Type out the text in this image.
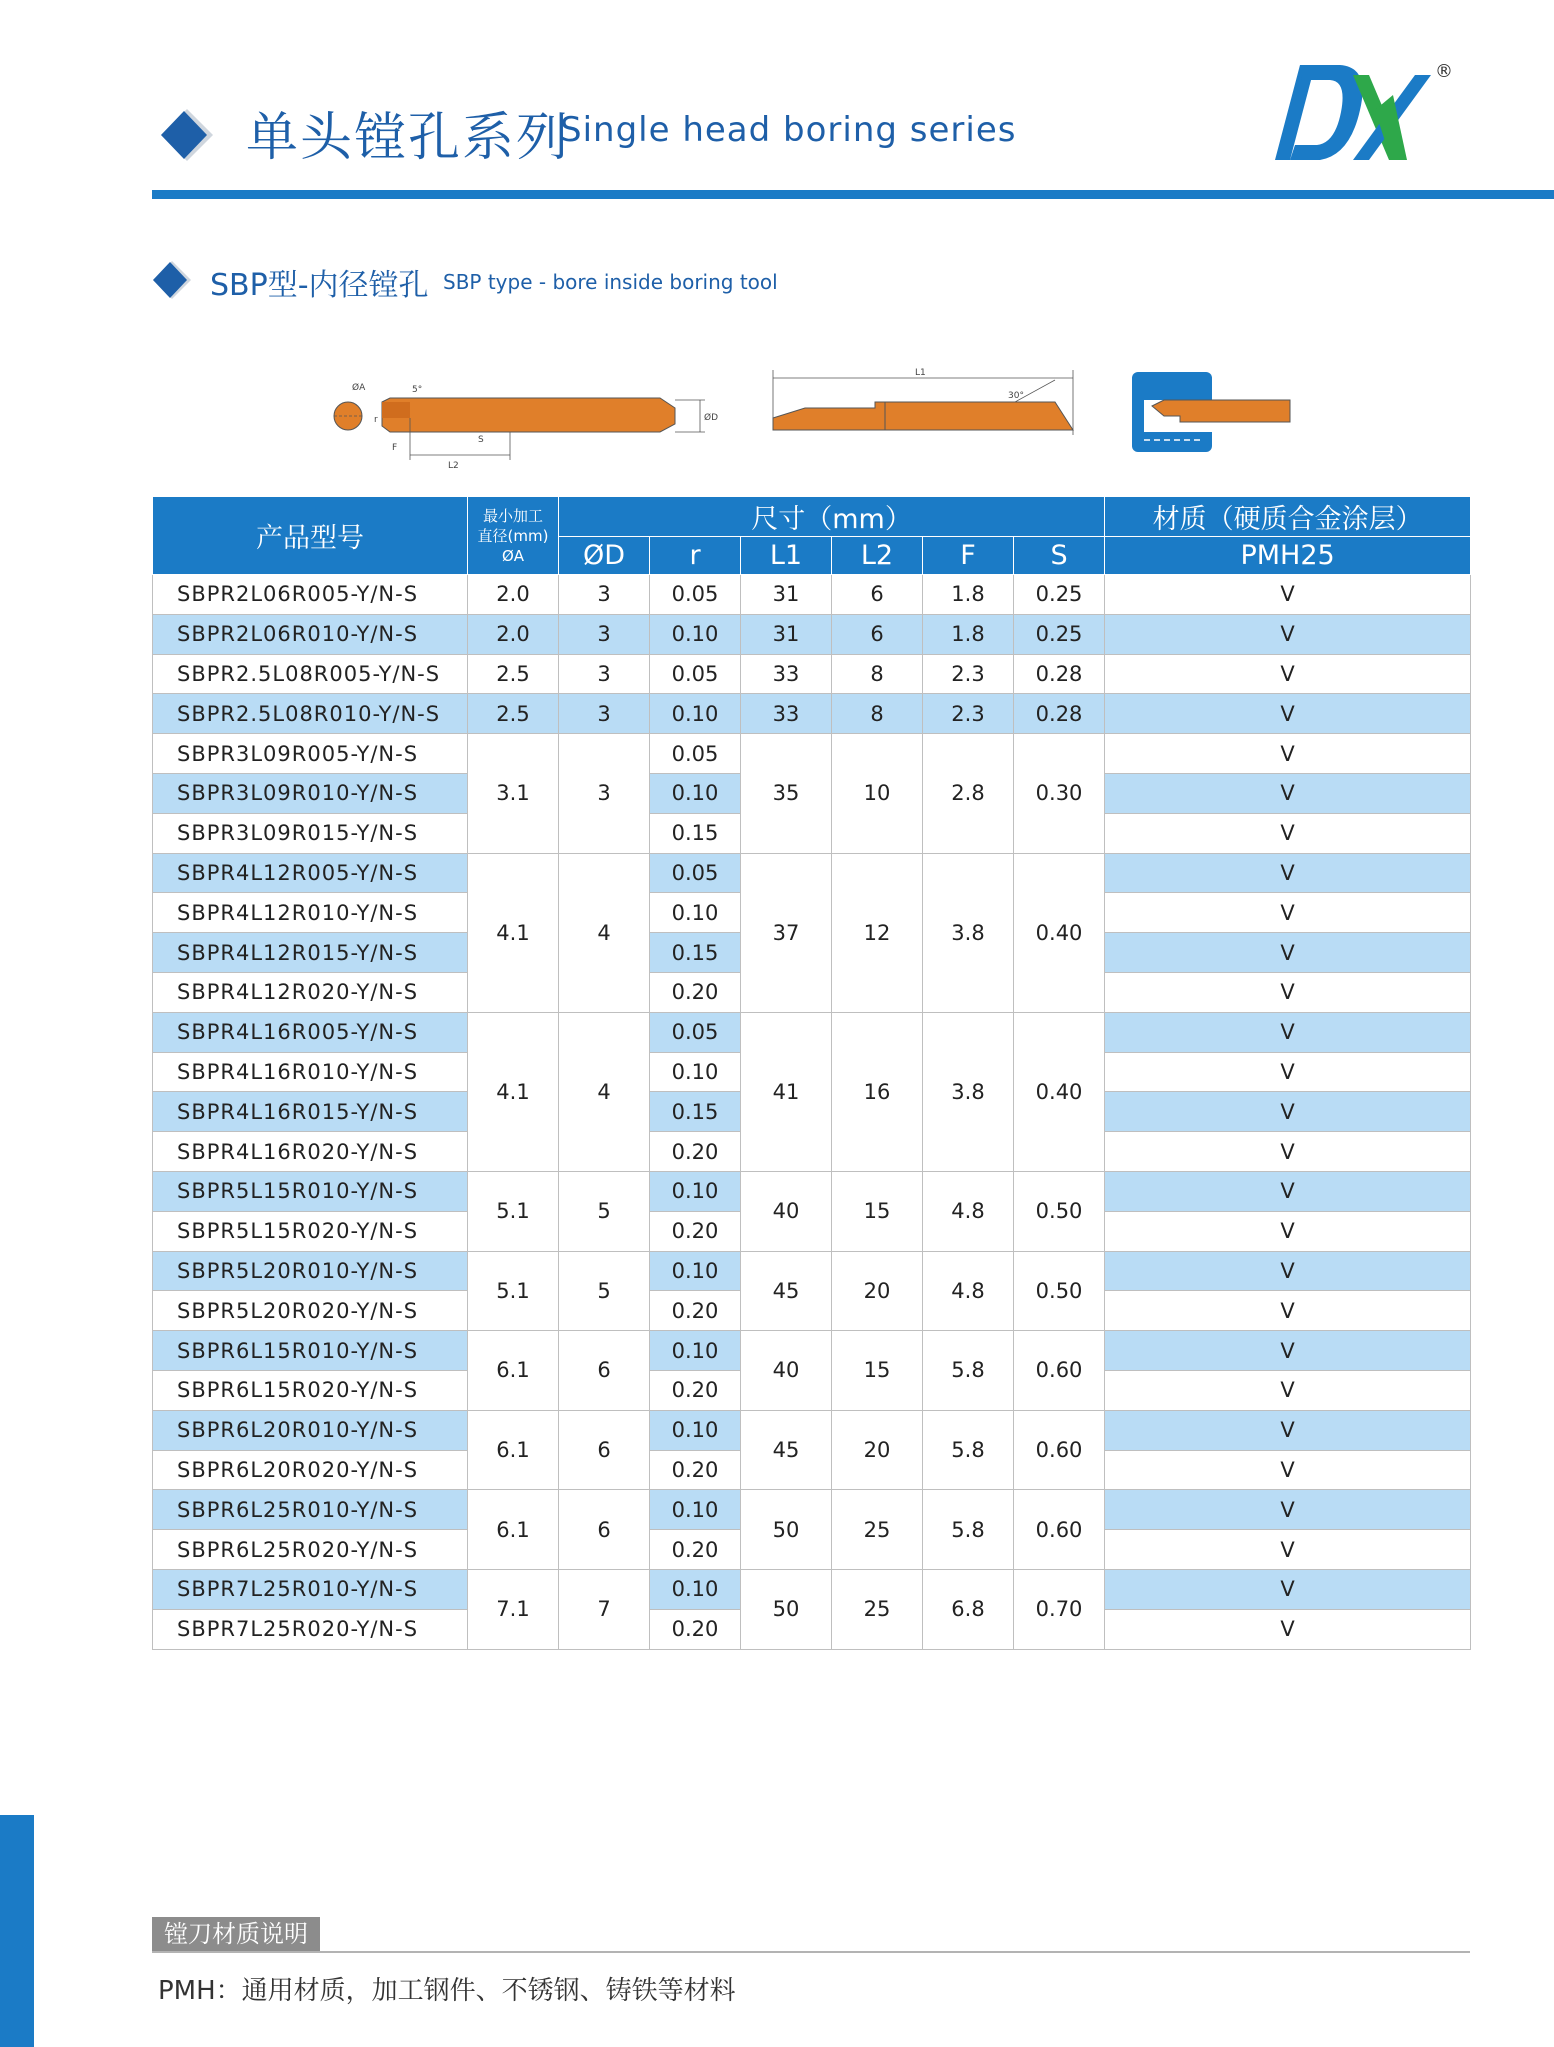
单头镗孔系列
Single head boring series
®
SBP型-内径镗孔 SBP type - bore inside boring tool
ØA
r
5°
S
L2
ØD
F
L1
30°
产品型号	最小加工
直径(mm)
ØA	尺寸（mm）						材质（硬质合金涂层）
		ØD	r	L1	L2	F	S	PMH25
SBPR2L06R005-Y/N-S	2.0	3	0.05	31	6	1.8	0.25	V
SBPR2L06R010-Y/N-S	2.0	3	0.10	31	6	1.8	0.25	V
SBPR2.5L08R005-Y/N-S	2.5	3	0.05	33	8	2.3	0.28	V
SBPR2.5L08R010-Y/N-S	2.5	3	0.10	33	8	2.3	0.28	V
SBPR3L09R005-Y/N-S	3.1	3	0.05	35	10	2.8	0.30	V
SBPR3L09R010-Y/N-S			0.10					V
SBPR3L09R015-Y/N-S			0.15					V
SBPR4L12R005-Y/N-S	4.1	4	0.05	37	12	3.8	0.40	V
SBPR4L12R010-Y/N-S			0.10					V
SBPR4L12R015-Y/N-S			0.15					V
SBPR4L12R020-Y/N-S			0.20					V
SBPR4L16R005-Y/N-S	4.1	4	0.05	41	16	3.8	0.40	V
SBPR4L16R010-Y/N-S			0.10					V
SBPR4L16R015-Y/N-S			0.15					V
SBPR4L16R020-Y/N-S			0.20					V
SBPR5L15R010-Y/N-S	5.1	5	0.10	40	15	4.8	0.50	V
SBPR5L15R020-Y/N-S			0.20					V
SBPR5L20R010-Y/N-S	5.1	5	0.10	45	20	4.8	0.50	V
SBPR5L20R020-Y/N-S			0.20					V
SBPR6L15R010-Y/N-S	6.1	6	0.10	40	15	5.8	0.60	V
SBPR6L15R020-Y/N-S			0.20					V
SBPR6L20R010-Y/N-S	6.1	6	0.10	45	20	5.8	0.60	V
SBPR6L20R020-Y/N-S			0.20					V
SBPR6L25R010-Y/N-S	6.1	6	0.10	50	25	5.8	0.60	V
SBPR6L25R020-Y/N-S			0.20					V
SBPR7L25R010-Y/N-S	7.1	7	0.10	50	25	6.8	0.70	V
SBPR7L25R020-Y/N-S			0.20					V
镗刀材质说明
PMH：通用材质，加工钢件、不锈钢、铸铁等材料
